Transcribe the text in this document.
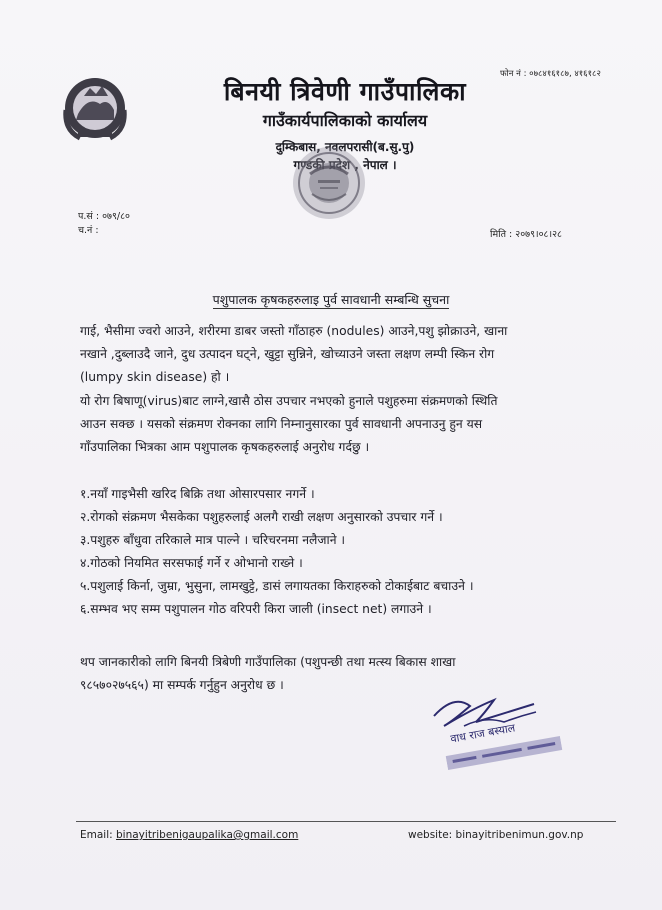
फोन नं : ०७८४१६१८७, ४१६१८२
बिनयी त्रिवेणी गाउँपालिका
गाउँकार्यपालिकाको कार्यालय
दुम्किबास, नवलपरासी(ब.सु.पु)
गण्डकी प्रदेश , नेपाल ।
प.सं : ०७९/८०
च.नं :	मिति : २०७९।०८।२८
पशुपालक कृषकहरुलाइ पुर्व सावधानी सम्बन्धि सुचना
गाई, भैसीमा ज्वरो आउने, शरीरमा डाबर जस्तो गाँठाहरु (nodules) आउने,पशु झोक्राउने, खाना
नखाने ,दुब्लाउदै जाने, दुध उत्पादन घट्ने, खुट्टा सुन्निने, खोच्याउने जस्ता लक्षण लम्पी स्किन रोग
(lumpy skin disease) हो ।
यो रोग बिषाणू(virus)बाट लाग्ने,खासै ठोस उपचार नभएको हुनाले पशुहरुमा संक्रमणको स्थिति
आउन सक्छ । यसको संक्रमण रोक्नका लागि निम्नानुसारका पुर्व सावधानी अपनाउनु हुन यस
गाँउपालिका भित्रका आम पशुपालक कृषकहरुलाई अनुरोध गर्दछु ।
१.नयाँ गाइभैसी खरिद बिक्रि तथा ओसारपसार नगर्ने ।
२.रोगको संक्रमण भैसकेका पशुहरुलाई अलगै राखी लक्षण अनुसारको उपचार गर्ने ।
३.पशुहरु बाँधुवा तरिकाले मात्र पाल्ने । चरिचरनमा नलैजाने ।
४.गोठको नियमित सरसफाई गर्ने र ओभानो राख्ने ।
५.पशुलाई किर्ना, जुम्रा, भुसुना, लामखुट्टे, डासं लगायतका किराहरुको टोकाईबाट बचाउने ।
६.सम्भव भए सम्म पशुपालन गोठ वरिपरी किरा जाली (insect net) लगाउने ।
थप जानकारीको लागि बिनयी त्रिबेणी गाउँपालिका (पशुपन्छी तथा मत्स्य बिकास शाखा
९८५७०२७५६५) मा सम्पर्क गर्नुहुन अनुरोध छ ।
वाध राज बस्याल
Email: binayitribenigaupalika@gmail.com	website: binayitribenimun.gov.np
